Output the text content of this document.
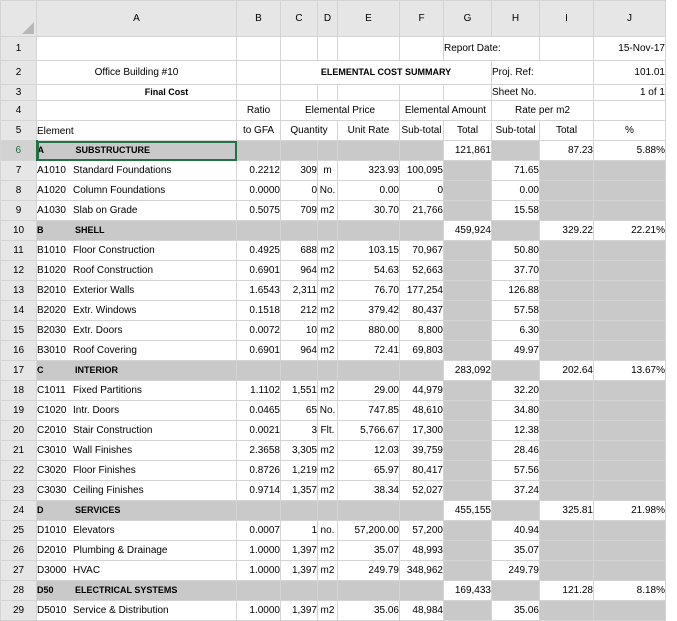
	A	B	C	D	E	F	G	H	I	J
1							Report Date:			15-Nov-17
2	Office Building #10		ELEMENTAL COST SUMMARY					Proj. Ref:		101.01
3	Final Cost							Sheet No.		1 of 1
4		Ratio	Elemental Price			Elemental Amount		Rate per m2		
5	Element	to GFA	Quantity		Unit Rate	Sub-total	Total	Sub-total	Total	%
6	A SUBSTRUCTURE						121,861		87.23	5.88%
7	A1010 Standard Foundations	0.2212	309	m	323.93	100,095		71.65		
8	A1020 Column Foundations	0.0000	0	No.	0.00	0		0.00		
9	A1030 Slab on Grade	0.5075	709	m2	30.70	21,766		15.58		
10	B SHELL						459,924		329.22	22.21%
11	B1010 Floor Construction	0.4925	688	m2	103.15	70,967		50.80		
12	B1020 Roof Construction	0.6901	964	m2	54.63	52,663		37.70		
13	B2010 Exterior Walls	1.6543	2,311	m2	76.70	177,254		126.88		
14	B2020 Extr. Windows	0.1518	212	m2	379.42	80,437		57.58		
15	B2030 Extr. Doors	0.0072	10	m2	880.00	8,800		6.30		
16	B3010 Roof Covering	0.6901	964	m2	72.41	69,803		49.97		
17	C INTERIOR						283,092		202.64	13.67%
18	C1011 Fixed Partitions	1.1102	1,551	m2	29.00	44,979		32.20		
19	C1020 Intr. Doors	0.0465	65	No.	747.85	48,610		34.80		
20	C2010 Stair Construction	0.0021	3	Flt.	5,766.67	17,300		12.38		
21	C3010 Wall Finishes	2.3658	3,305	m2	12.03	39,759		28.46		
22	C3020 Floor Finishes	0.8726	1,219	m2	65.97	80,417		57.56		
23	C3030 Ceiling Finishes	0.9714	1,357	m2	38.34	52,027		37.24		
24	D SERVICES						455,155		325.81	21.98%
25	D1010 Elevators	0.0007	1	no.	57,200.00	57,200		40.94		
26	D2010 Plumbing & Drainage	1.0000	1,397	m2	35.07	48,993		35.07		
27	D3000 HVAC	1.0000	1,397	m2	249.79	348,962		249.79		
28	D50 ELECTRICAL SYSTEMS						169,433		121.28	8.18%
29	D5010 Service & Distribution	1.0000	1,397	m2	35.06	48,984		35.06		
